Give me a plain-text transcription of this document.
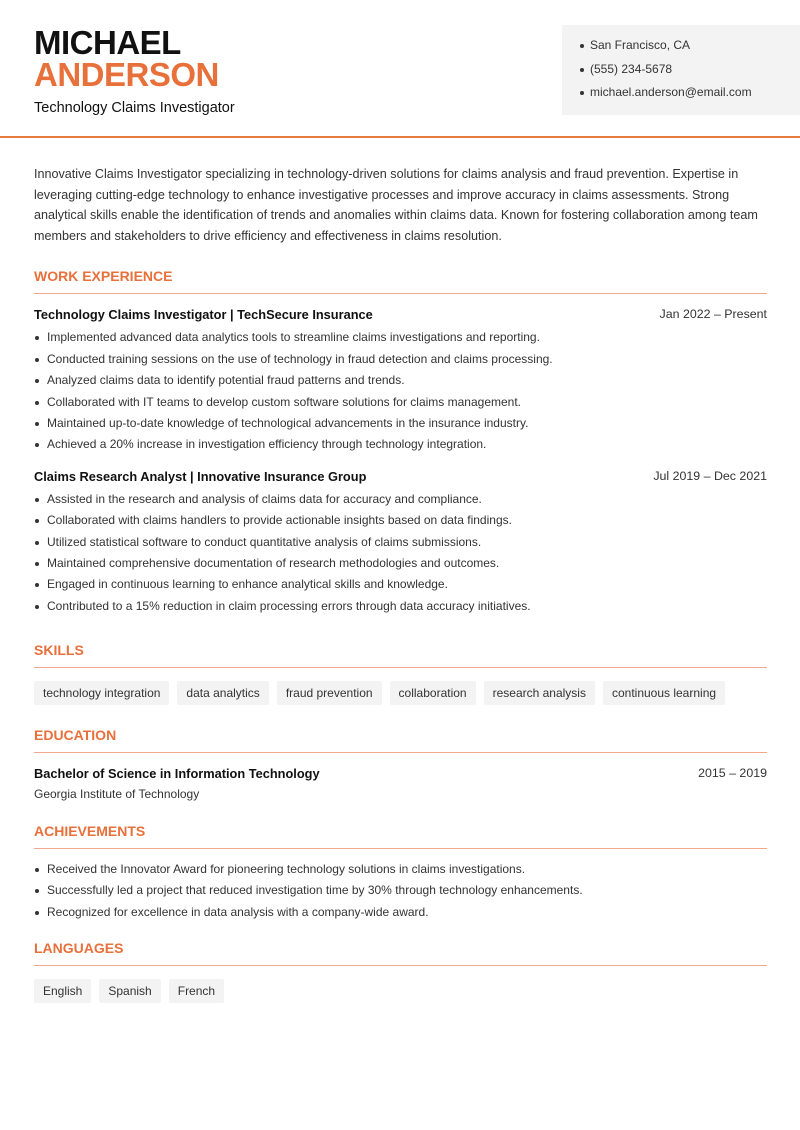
MICHAEL
ANDERSON
Technology Claims Investigator
San Francisco, CA
(555) 234-5678
michael.anderson@email.com

Innovative Claims Investigator specializing in technology-driven solutions for claims analysis and fraud prevention. Expertise in leveraging cutting-edge technology to enhance investigative processes and improve accuracy in claims assessments. Strong analytical skills enable the identification of trends and anomalies within claims data. Known for fostering collaboration among team members and stakeholders to drive efficiency and effectiveness in claims resolution.

WORK EXPERIENCE
Technology Claims Investigator | TechSecure Insurance	Jan 2022 – Present
Implemented advanced data analytics tools to streamline claims investigations and reporting.
Conducted training sessions on the use of technology in fraud detection and claims processing.
Analyzed claims data to identify potential fraud patterns and trends.
Collaborated with IT teams to develop custom software solutions for claims management.
Maintained up-to-date knowledge of technological advancements in the insurance industry.
Achieved a 20% increase in investigation efficiency through technology integration.
Claims Research Analyst | Innovative Insurance Group	Jul 2019 – Dec 2021
Assisted in the research and analysis of claims data for accuracy and compliance.
Collaborated with claims handlers to provide actionable insights based on data findings.
Utilized statistical software to conduct quantitative analysis of claims submissions.
Maintained comprehensive documentation of research methodologies and outcomes.
Engaged in continuous learning to enhance analytical skills and knowledge.
Contributed to a 15% reduction in claim processing errors through data accuracy initiatives.
SKILLS
technology integration	data analytics	fraud prevention	collaboration	research analysis	continuous learning
EDUCATION
Bachelor of Science in Information Technology	2015 – 2019
Georgia Institute of Technology
ACHIEVEMENTS
Received the Innovator Award for pioneering technology solutions in claims investigations.
Successfully led a project that reduced investigation time by 30% through technology enhancements.
Recognized for excellence in data analysis with a company-wide award.
LANGUAGES
English	Spanish	French
